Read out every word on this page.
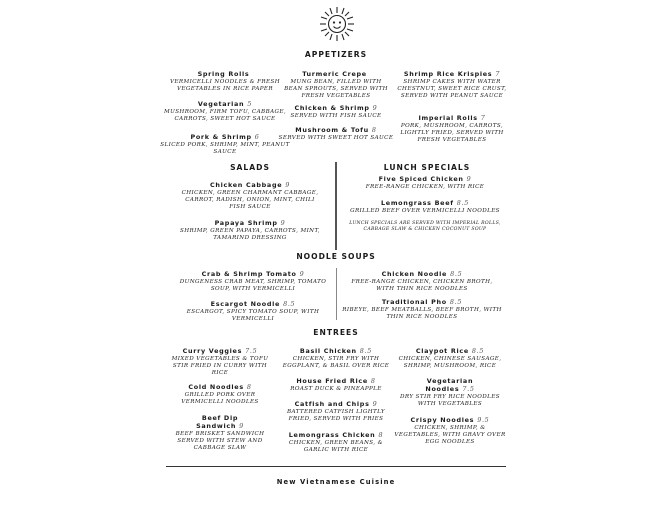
APPETIZERS
Spring Rolls
VERMICELLI NOODLES & FRESH VEGETABLES IN RICE PAPER
Vegetarian 5
MUSHROOM, FIRM TOFU, CABBAGE, CARROTS, SWEET HOT SAUCE
Pork & Shrimp 6
SLICED PORK, SHRIMP, MINT, PEANUT SAUCE
Turmeric Crepe
MUNG BEAN, FILLED WITH BEAN SPROUTS, SERVED WITH FRESH VEGETABLES
Chicken & Shrimp 9
SERVED WITH FISH SAUCE
Mushroom & Tofu 8
SERVED WITH SWEET HOT SAUCE
Shrimp Rice Krispies 7
SHRIMP CAKES WITH WATER CHESTNUT, SWEET RICE CRUST, SERVED WITH PEANUT SAUCE
Imperial Rolls 7
PORK, MUSHROOM, CARROTS, LIGHTLY FRIED, SERVED WITH FRESH VEGETABLES
SALADS	LUNCH SPECIALS
Chicken Cabbage 9
CHICKEN, GREEN CHARMANT CABBAGE, CARROT, RADISH, ONION, MINT, CHILI FISH SAUCE
Papaya Shrimp 9
SHRIMP, GREEN PAPAYA, CARROTS, MINT, TAMARIND DRESSING
Five Spiced Chicken 9
FREE-RANGE CHICKEN, WITH RICE
Lemongrass Beef 8.5
GRILLED BEEF OVER VERMICELLI NOODLES
LUNCH SPECIALS ARE SERVED WITH IMPERIAL ROLLS, CABBAGE SLAW & CHICKEN COCONUT SOUP
NOODLE SOUPS
Crab & Shrimp Tomato 9
DUNGENESS CRAB MEAT, SHRIMP, TOMATO SOUP, WITH VERMICELLI
Escargot Noodle 8.5
ESCARGOT, SPICY TOMATO SOUP, WITH VERMICELLI
Chicken Noodle 8.5
FREE-RANGE CHICKEN, CHICKEN BROTH, WITH THIN RICE NOODLES
Traditional Pho 8.5
RIBEYE, BEEF MEATBALLS, BEEF BROTH, WITH THIN RICE NOODLES
ENTREES
Curry Veggies 7.5
MIXED VEGETABLES & TOFU STIR FRIED IN CURRY WITH RICE
Cold Noodles 8
GRILLED PORK OVER VERMICELLI NOODLES
Beef Dip Sandwich 9
BEEF BRISKET SANDWICH SERVED WITH STEW AND CABBAGE SLAW
Basil Chicken 8.5
CHICKEN, STIR FRY WITH EGGPLANT, & BASIL OVER RICE
House Fried Rice 8
ROAST DUCK & PINEAPPLE
Catfish and Chips 9
BATTERED CATFISH LIGHTLY FRIED, SERVED WITH FRIES
Lemongrass Chicken 8
CHICKEN, GREEN BEANS, & GARLIC WITH RICE
Claypot Rice 8.5
CHICKEN, CHINESE SAUSAGE, SHRIMP, MUSHROOM, RICE
Vegetarian Noodles 7.5
DRY STIR FRY RICE NOODLES WITH VEGETABLES
Crispy Noodles 9.5
CHICKEN, SHRIMP, & VEGETABLES, WITH GRAVY OVER EGG NOODLES
New Vietnamese Cuisine
